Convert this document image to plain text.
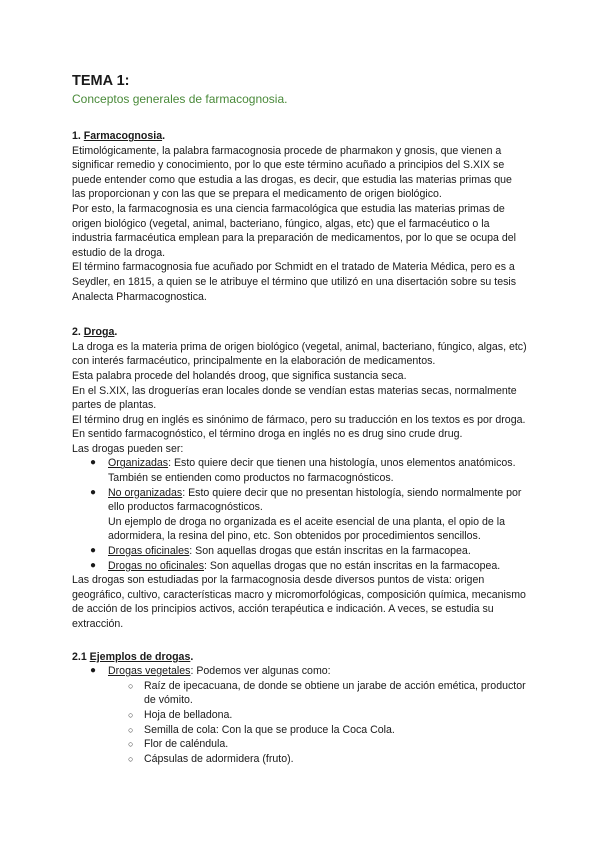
TEMA 1:
Conceptos generales de farmacognosia.
1. Farmacognosia.

Etimológicamente, la palabra farmacognosia procede de pharmakon y gnosis, que vienen a significar remedio y conocimiento, por lo que este término acuñado a principios del S.XIX se puede entender como que estudia a las drogas, es decir, que estudia las materias primas que las proporcionan y con las que se prepara el medicamento de origen biológico.

Por esto, la farmacognosia es una ciencia farmacológica que estudia las materias primas de origen biológico (vegetal, animal, bacteriano, fúngico, algas, etc) que el farmacéutico o la industria farmacéutica emplean para la preparación de medicamentos, por lo que se ocupa del estudio de la droga.

El término farmacognosia fue acuñado por Schmidt en el tratado de Materia Médica, pero es a Seydler, en 1815, a quien se le atribuye el término que utilizó en una disertación sobre su tesis Analecta Pharmacognostica.

2. Droga.

La droga es la materia prima de origen biológico (vegetal, animal, bacteriano, fúngico, algas, etc) con interés farmacéutico, principalmente en la elaboración de medicamentos.

Esta palabra procede del holandés droog, que significa sustancia seca.

En el S.XIX, las droguerías eran locales donde se vendían estas materias secas, normalmente partes de plantas.

El término drug en inglés es sinónimo de fármaco, pero su traducción en los textos es por droga. En sentido farmacognóstico, el término droga en inglés no es drug sino crude drug.

Las drogas pueden ser:

● Organizadas: Esto quiere decir que tienen una histología, unos elementos anatómicos. También se entienden como productos no farmacognósticos.
● No organizadas: Esto quiere decir que no presentan histología, siendo normalmente por ello productos farmacognósticos.
Un ejemplo de droga no organizada es el aceite esencial de una planta, el opio de la adormidera, la resina del pino, etc. Son obtenidos por procedimientos sencillos.
● Drogas oficinales: Son aquellas drogas que están inscritas en la farmacopea.
● Drogas no oficinales: Son aquellas drogas que no están inscritas en la farmacopea.

Las drogas son estudiadas por la farmacognosia desde diversos puntos de vista: origen geográfico, cultivo, características macro y micromorfológicas, composición química, mecanismo de acción de los principios activos, acción terapéutica e indicación. A veces, se estudia su extracción.

2.1 Ejemplos de drogas.
● Drogas vegetales: Podemos ver algunas como:
○ Raíz de ipecacuana, de donde se obtiene un jarabe de acción emética, productor de vómito.
○ Hoja de belladona.
○ Semilla de cola: Con la que se produce la Coca Cola.
○ Flor de caléndula.
○ Cápsulas de adormidera (fruto).
